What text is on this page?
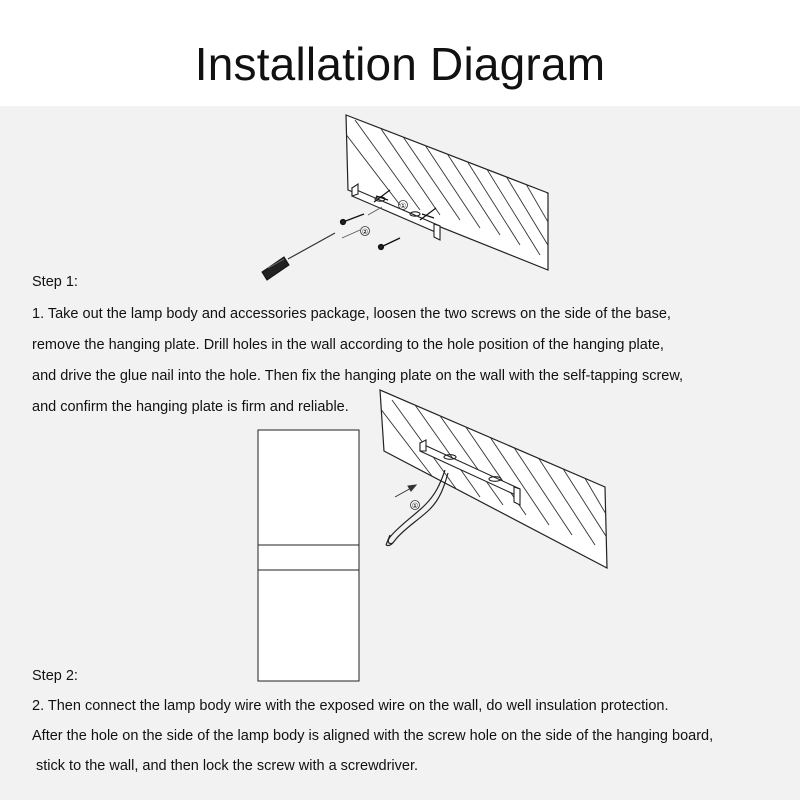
Installation Diagram
①
②
Step 1:
1. Take out the lamp body and accessories package, loosen the two screws on the side of the base,
remove the hanging plate. Drill holes in the wall according to the hole position of the hanging plate,
and drive the glue nail into the hole. Then fix the hanging plate on the wall with the self-tapping screw,
and confirm the hanging plate is firm and reliable.
①
Step 2:
2. Then connect the lamp body wire with the exposed wire on the wall, do well insulation protection.
After the hole on the side of the lamp body is aligned with the screw hole on the side of the hanging board,
stick to the wall, and then lock the screw with a screwdriver.
